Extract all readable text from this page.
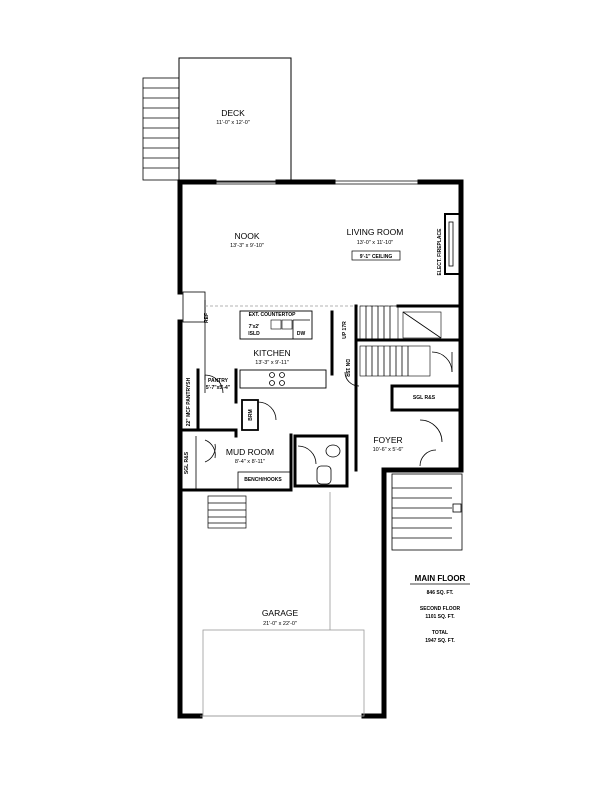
DECK
11'-0" x 12'-0"
NOOK
13'-3" x 9'-10"
LIVING ROOM
13'-0" x 11'-10"
9'-1" CEILING	ELECT. FIREPLACE
EXT. COUNTERTOP
7'x2'
ISLD	DW
REF
KITCHEN
13'-3" x 9'-11"
UP 17R
DN 15R
PANTRY
5'-7"x5'-4"
22" MCF PANTRYSH	BRM
SGL R&S	MUD ROOM
8'-4" x 8'-11"
BENCH/HOOKS
SGL R&S
FOYER
10'-6" x 5'-6"
GARAGE
21'-0" x 22'-0"
MAIN FLOOR
846 SQ. FT.
SECOND FLOOR
1101 SQ. FT.
TOTAL
1947 SQ. FT.
